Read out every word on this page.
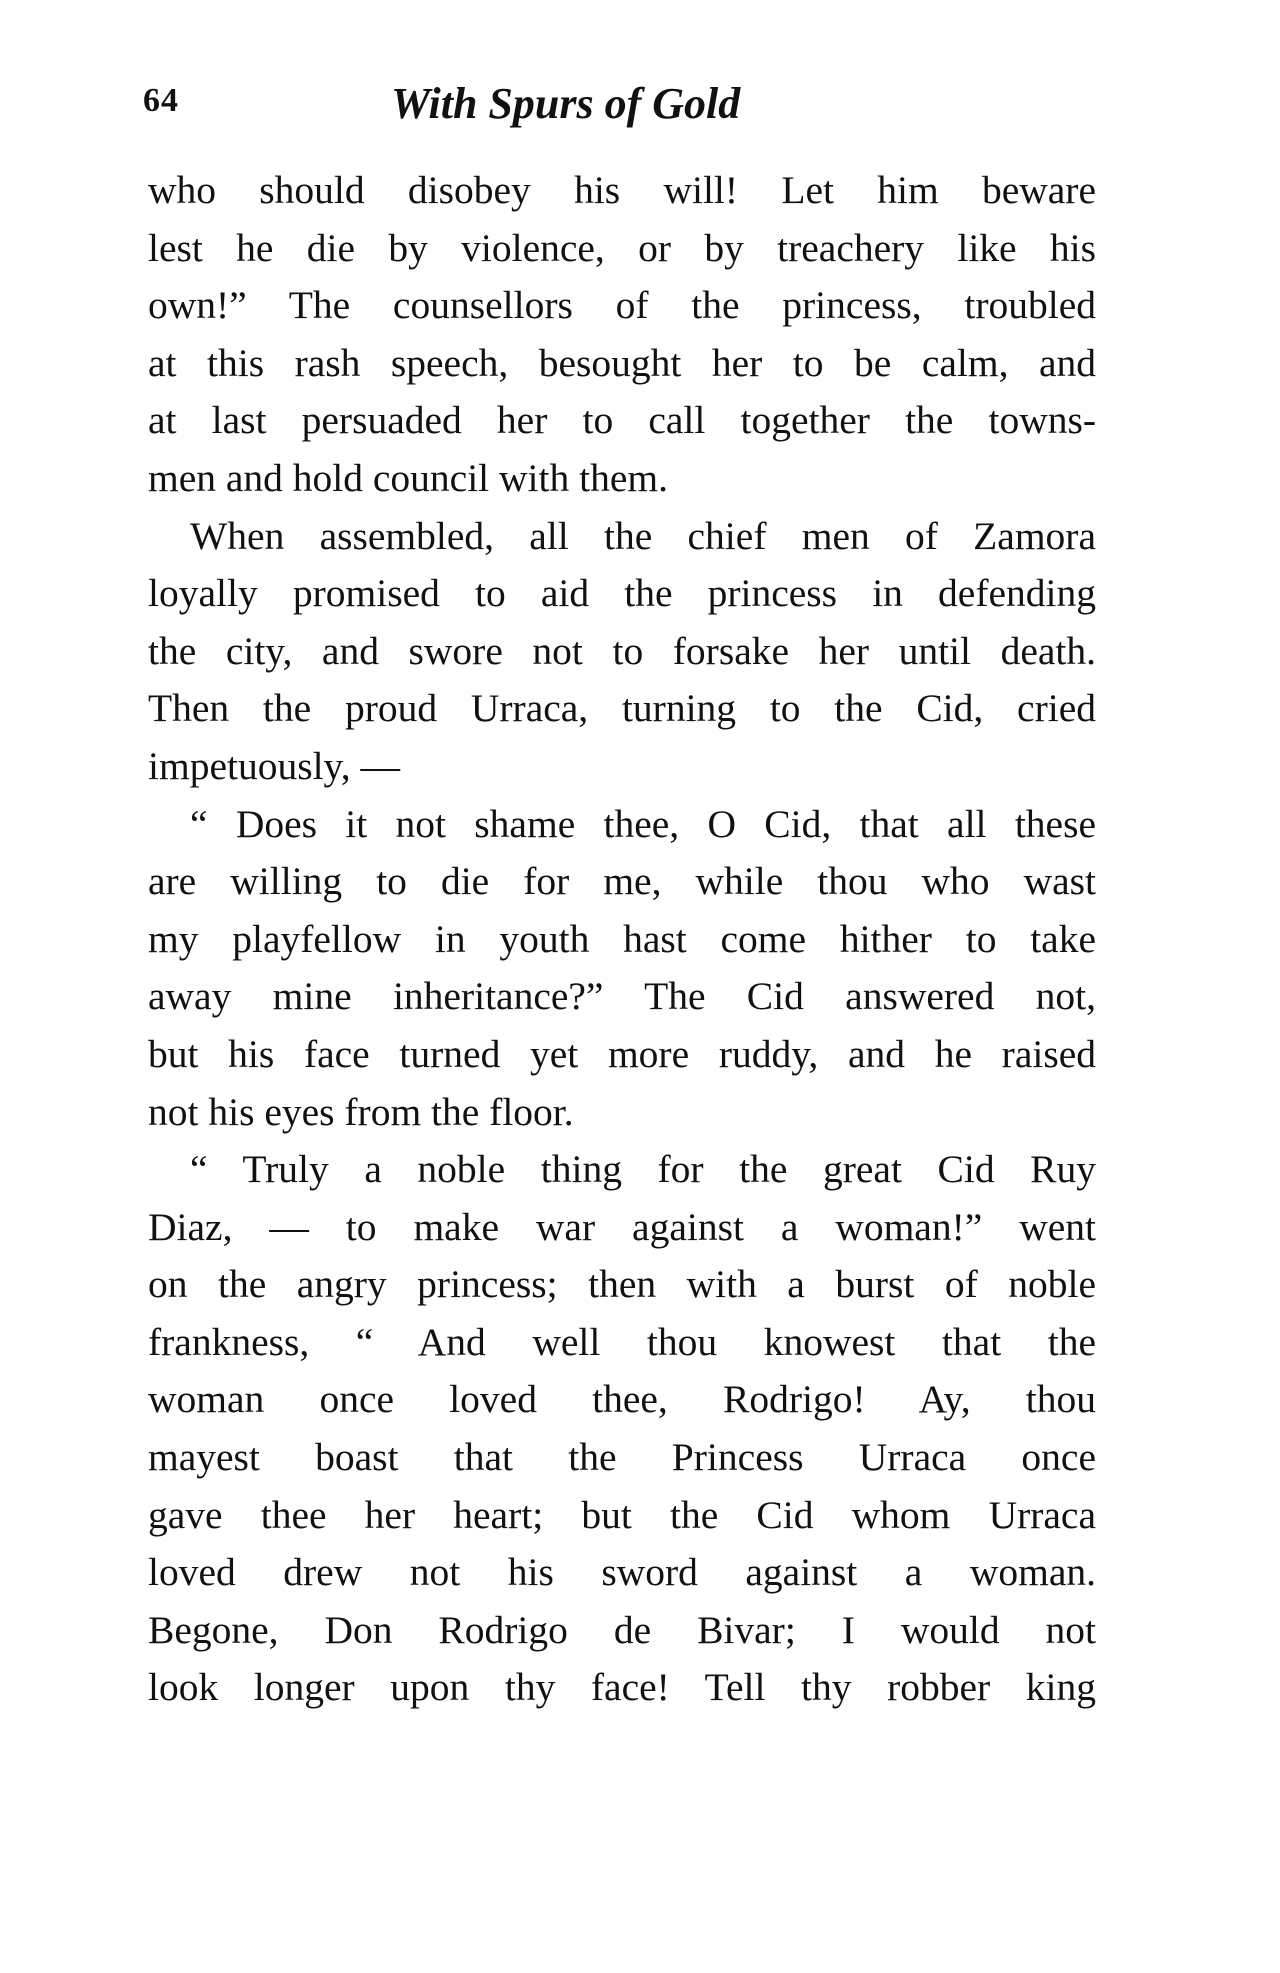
64	With Spurs of Gold
who should disobey his will! Let him beware
lest he die by violence, or by treachery like his
own!” The counsellors of the princess, troubled
at this rash speech, besought her to be calm, and
at last persuaded her to call together the towns-
men and hold council with them.
When assembled, all the chief men of Zamora
loyally promised to aid the princess in defending
the city, and swore not to forsake her until death.
Then the proud Urraca, turning to the Cid, cried
impetuously, —
“ Does it not shame thee, O Cid, that all these
are willing to die for me, while thou who wast
my playfellow in youth hast come hither to take
away mine inheritance?” The Cid answered not,
but his face turned yet more ruddy, and he raised
not his eyes from the floor.
“ Truly a noble thing for the great Cid Ruy
Diaz, — to make war against a woman!” went
on the angry princess; then with a burst of noble
frankness, “ And well thou knowest that the
woman once loved thee, Rodrigo! Ay, thou
mayest boast that the Princess Urraca once
gave thee her heart; but the Cid whom Urraca
loved drew not his sword against a woman.
Begone, Don Rodrigo de Bivar; I would not
look longer upon thy face! Tell thy robber king
